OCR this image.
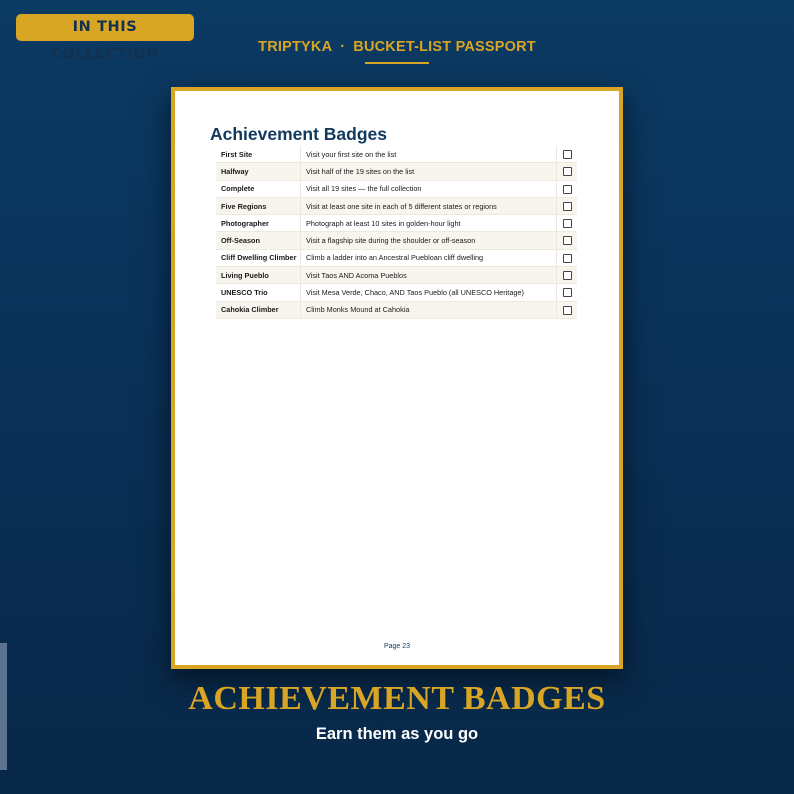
IN THIS COLLECTION	TRIPTYKA · BUCKET-LIST PASSPORT
Achievement Badges
First Site	Visit your first site on the list	
Halfway	Visit half of the 19 sites on the list	
Complete	Visit all 19 sites — the full collection	
Five Regions	Visit at least one site in each of 5 different states or regions	
Photographer	Photograph at least 10 sites in golden-hour light	
Off-Season	Visit a flagship site during the shoulder or off-season	
Cliff Dwelling Climber	Climb a ladder into an Ancestral Puebloan cliff dwelling	
Living Pueblo	Visit Taos AND Acoma Pueblos	
UNESCO Trio	Visit Mesa Verde, Chaco, AND Taos Pueblo (all UNESCO Heritage)	
Cahokia Climber	Climb Monks Mound at Cahokia	
Page 23
ACHIEVEMENT BADGES
Earn them as you go
